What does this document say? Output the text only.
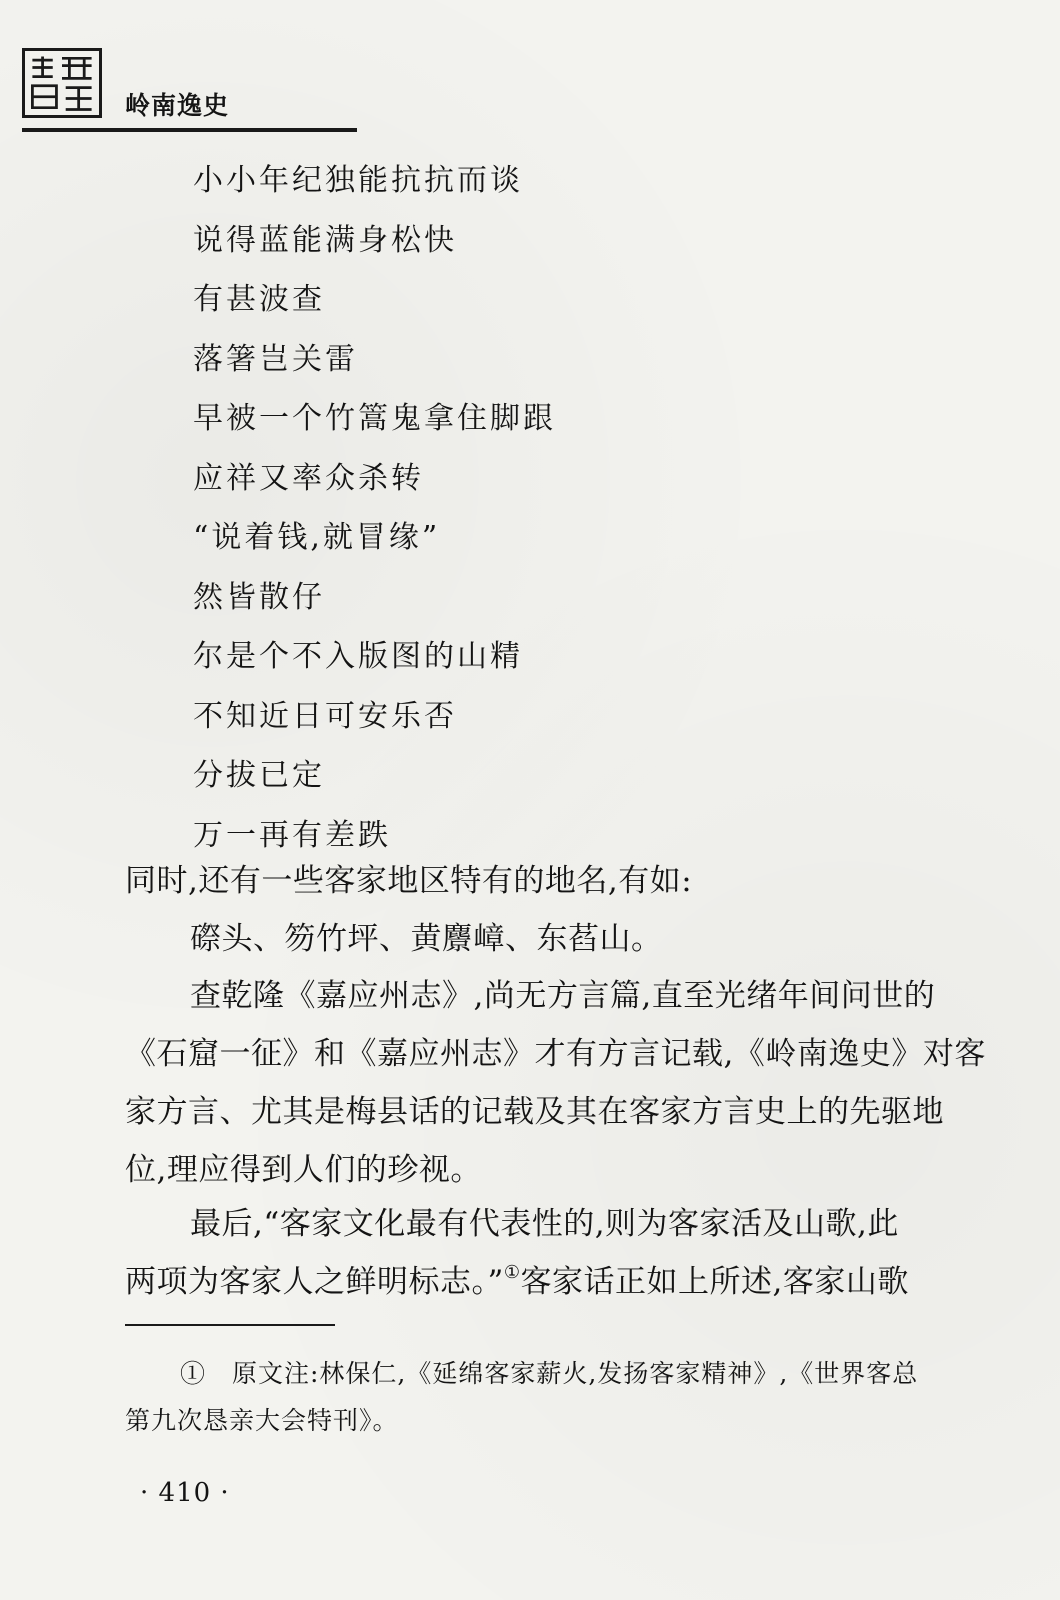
岭南逸史
小小年纪独能抗抗而谈
说得蓝能满身松快
有甚波查
落箸岂关雷
早被一个竹篙鬼拿住脚跟
应祥又率众杀转
“说着钱,就冒缘”
然皆散仔
尔是个不入版图的山精
不知近日可安乐否
分拔已定
万一再有差跌

同时,还有一些客家地区特有的地名,有如:

磜头、笏竹坪、黄麖嶂、东萏山。

查乾隆《嘉应州志》,尚无方言篇,直至光绪年间问世的
《石窟一征》和《嘉应州志》才有方言记载,《岭南逸史》对客
家方言、尤其是梅县话的记载及其在客家方言史上的先驱地
位,理应得到人们的珍视。
最后,“客家文化最有代表性的,则为客家活及山歌,此
两项为客家人之鲜明标志。”①客家话正如上所述,客家山歌
①　原文注:林保仁,《延绵客家薪火,发扬客家精神》,《世界客总
第九次恳亲大会特刊》。
· 410 ·
